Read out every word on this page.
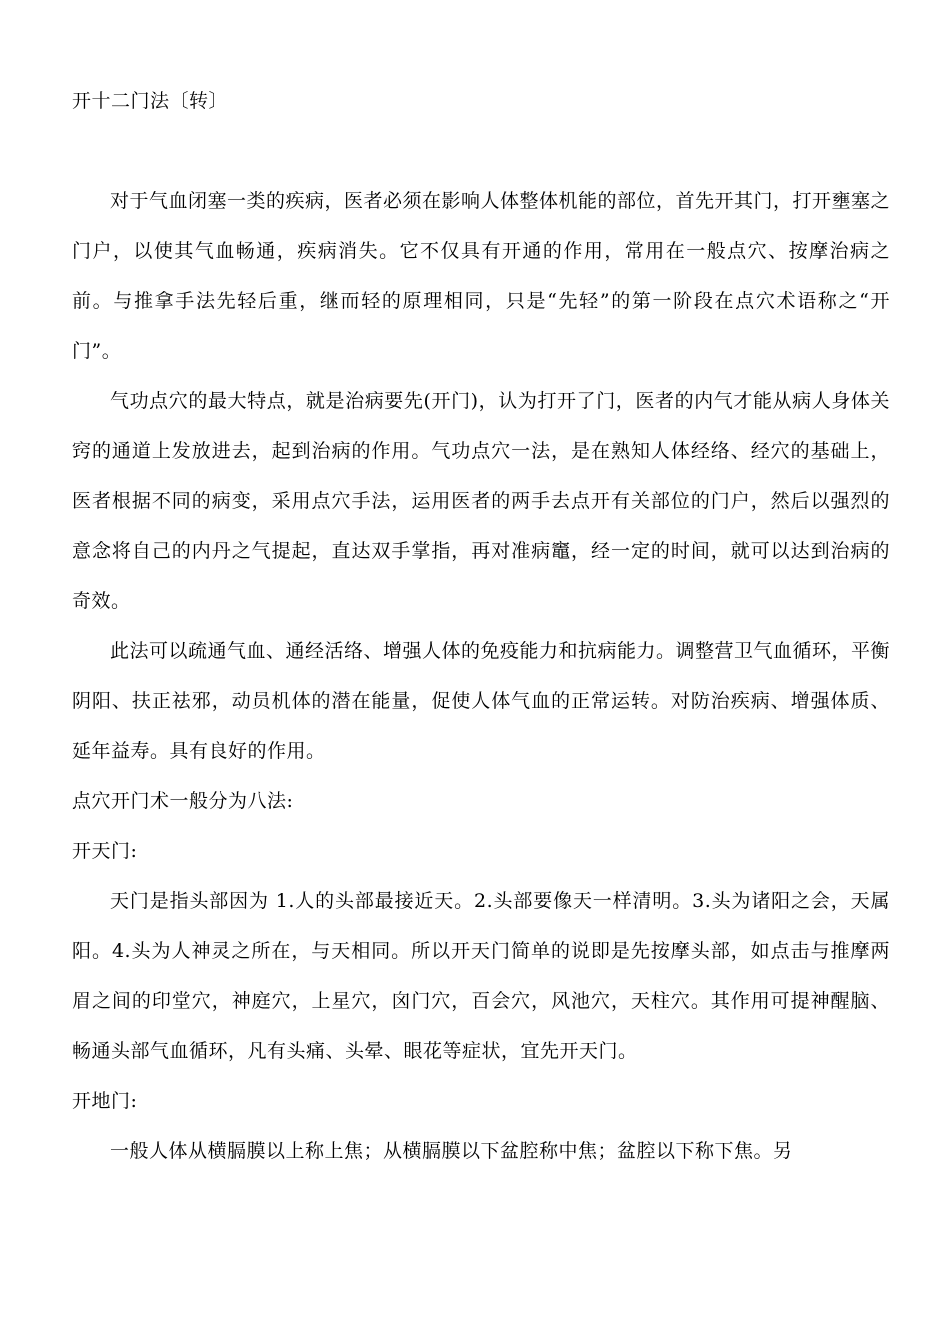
开十二门法〔转〕

对于气血闭塞一类的疾病，医者必须在影响人体整体机能的部位，首先开其门，打开壅塞之门户，以使其气血畅通，疾病消失。它不仅具有开通的作用，常用在一般点穴、按摩治病之前。与推拿手法先轻后重，继而轻的原理相同，只是“先轻”的第一阶段在点穴术语称之“开门”。

气功点穴的最大特点，就是治病要先(开门)，认为打开了门，医者的内气才能从病人身体关窍的通道上发放进去，起到治病的作用。气功点穴一法，是在熟知人体经络、经穴的基础上，医者根据不同的病变，采用点穴手法，运用医者的两手去点开有关部位的门户，然后以强烈的意念将自己的内丹之气提起，直达双手掌指，再对准病竈，经一定的时间，就可以达到治病的奇效。

此法可以疏通气血、通经活络、增强人体的免疫能力和抗病能力。调整营卫气血循环，平衡阴阳、扶正祛邪，动员机体的潜在能量，促使人体气血的正常运转。对防治疾病、增强体质、延年益寿。具有良好的作用。

点穴开门术一般分为八法:

开天门:

天门是指头部因为 1.人的头部最接近天。2.头部要像天一样清明。3.头为诸阳之会，天属阳。4.头为人神灵之所在，与天相同。所以开天门简单的说即是先按摩头部，如点击与推摩两眉之间的印堂穴，神庭穴，上星穴，囟门穴，百会穴，风池穴，天柱穴。其作用可提神醒脑、畅通头部气血循环，凡有头痛、头晕、眼花等症状，宜先开天门。

开地门:

一般人体从横膈膜以上称上焦；从横膈膜以下盆腔称中焦；盆腔以下称下焦。另
